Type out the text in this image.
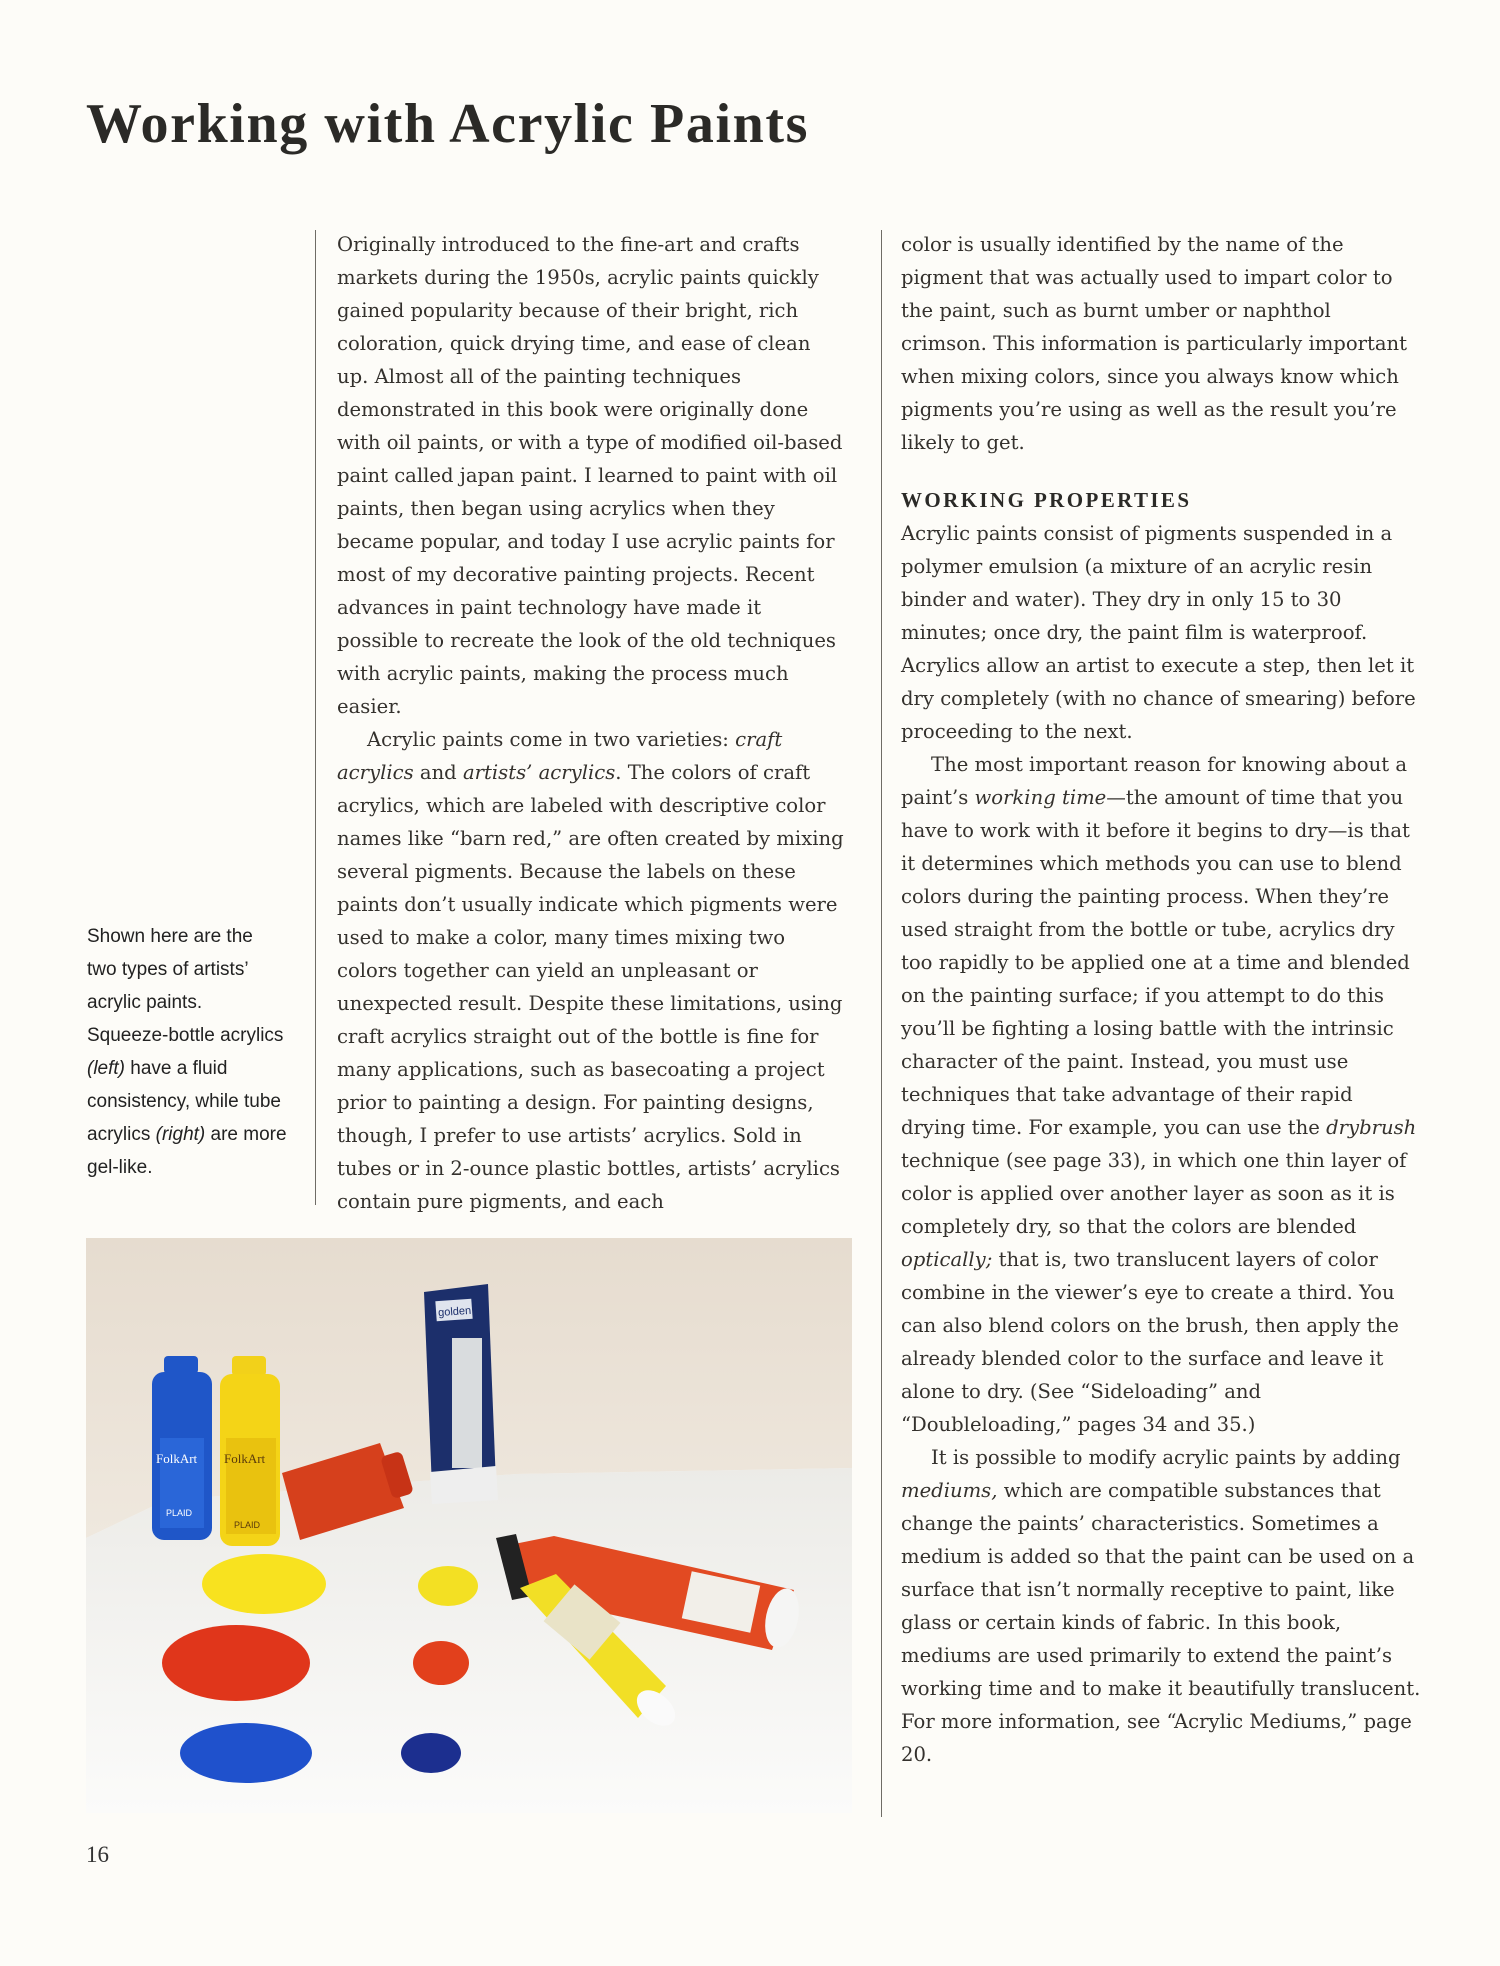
Working with Acrylic Paints

Shown here are the two types of artists’ acrylic paints. Squeeze-bottle acrylics (left) have a fluid consistency, while tube acrylics (right) are more gel-like.

Originally introduced to the fine-art and crafts markets during the 1950s, acrylic paints quickly gained popularity because of their bright, rich coloration, quick drying time, and ease of clean up. Almost all of the painting techniques demonstrated in this book were originally done with oil paints, or with a type of modified oil-based paint called japan paint. I learned to paint with oil paints, then began using acrylics when they became popular, and today I use acrylic paints for most of my decorative painting projects. Recent advances in paint technology have made it possible to recreate the look of the old techniques with acrylic paints, making the process much easier.

Acrylic paints come in two varieties: craft acrylics and artists’ acrylics. The colors of craft acrylics, which are labeled with descriptive color names like “barn red,” are often created by mixing several pigments. Because the labels on these paints don’t usually indicate which pigments were used to make a color, many times mixing two colors together can yield an unpleasant or unexpected result. Despite these limitations, using craft acrylics straight out of the bottle is fine for many applications, such as basecoating a project prior to painting a design. For painting designs, though, I prefer to use artists’ acrylics. Sold in tubes or in 2-ounce plastic bottles, artists’ acrylics contain pure pigments, and each

color is usually identified by the name of the pigment that was actually used to impart color to the paint, such as burnt umber or naphthol crimson. This information is particularly important when mixing colors, since you always know which pigments you’re using as well as the result you’re likely to get.

WORKING PROPERTIES

Acrylic paints consist of pigments suspended in a polymer emulsion (a mixture of an acrylic resin binder and water). They dry in only 15 to 30 minutes; once dry, the paint film is waterproof. Acrylics allow an artist to execute a step, then let it dry completely (with no chance of smearing) before proceeding to the next.

The most important reason for knowing about a paint’s working time—the amount of time that you have to work with it before it begins to dry—is that it determines which methods you can use to blend colors during the painting process. When they’re used straight from the bottle or tube, acrylics dry too rapidly to be applied one at a time and blended on the painting surface; if you attempt to do this you’ll be fighting a losing battle with the intrinsic character of the paint. Instead, you must use techniques that take advantage of their rapid drying time. For example, you can use the drybrush technique (see page 33), in which one thin layer of color is applied over another layer as soon as it is completely dry, so that the colors are blended optically; that is, two translucent layers of color combine in the viewer’s eye to create a third. You can also blend colors on the brush, then apply the already blended color to the surface and leave it alone to dry. (See “Sideloading” and “Doubleloading,” pages 34 and 35.)

It is possible to modify acrylic paints by adding mediums, which are compatible substances that change the paints’ characteristics. Sometimes a medium is added so that the paint can be used on a surface that isn’t normally receptive to paint, like glass or certain kinds of fabric. In this book, mediums are used primarily to extend the paint’s working time and to make it beautifully translucent. For more information, see “Acrylic Mediums,” page 20.

golden
FolkArt
PLAID
FolkArt
PLAID
16
